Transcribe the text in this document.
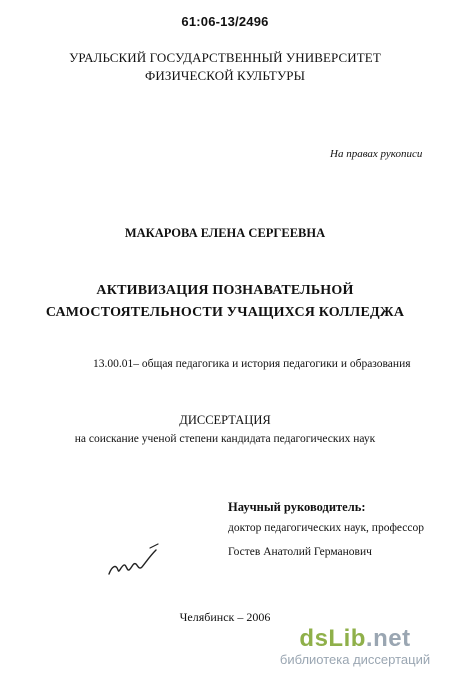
61:06-13/2496
УРАЛЬСКИЙ ГОСУДАРСТВЕННЫЙ УНИВЕРСИТЕТ
ФИЗИЧЕСКОЙ КУЛЬТУРЫ
На правах рукописи
МАКАРОВА ЕЛЕНА СЕРГЕЕВНА
АКТИВИЗАЦИЯ ПОЗНАВАТЕЛЬНОЙ
САМОСТОЯТЕЛЬНОСТИ УЧАЩИХСЯ КОЛЛЕДЖА
13.00.01– общая педагогика и история педагогики и образования
ДИССЕРТАЦИЯ
на соискание ученой степени кандидата педагогических наук
Научный руководитель:
доктор педагогических наук, профессор
Гостев Анатолий Германович
Челябинск – 2006
dsLib.net
библиотека диссертаций
